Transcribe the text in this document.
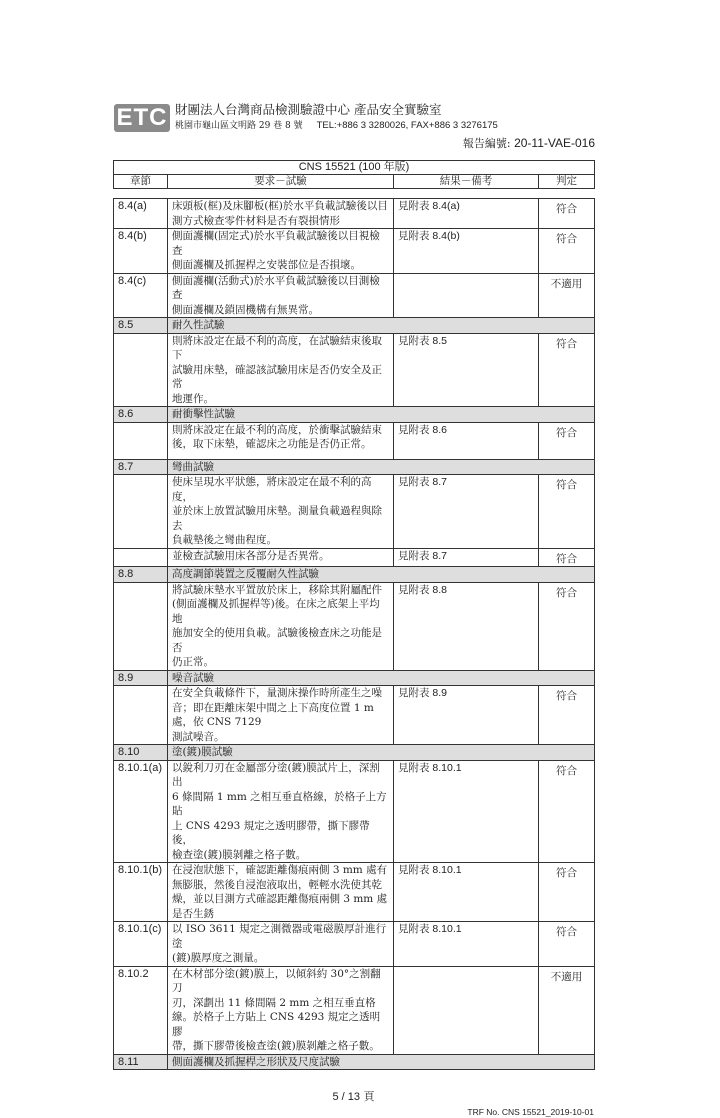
ETC 財團法人台灣商品檢測驗證中心 產品安全實驗室
桃園市龜山區文明路 29 巷 8 號 TEL:+886 3 3280026, FAX+886 3 3276175
報告編號: 20-11-VAE-016
CNS 15521 (100 年版)
章節	要求－試驗	結果－備考	判定
8.4(a)	床頭板(框)及床腳板(框)於水平負載試驗後以目
測方式檢查零件材料是否有裂損情形	見附表 8.4(a)	符合
8.4(b)	側面護欄(固定式)於水平負載試驗後以目視檢查
側面護欄及抓握桿之安裝部位是否損壞。	見附表 8.4(b)	符合
8.4(c)	側面護欄(活動式)於水平負載試驗後以目測檢查
側面護欄及鎖固機構有無異常。		不適用
8.5	耐久性試驗		
	則將床設定在最不利的高度，在試驗結束後取下
試驗用床墊，確認該試驗用床是否仍安全及正常
地運作。	見附表 8.5	符合
8.6	耐衝擊性試驗		
	則將床設定在最不利的高度，於衝擊試驗結束
後，取下床墊，確認床之功能是否仍正常。	見附表 8.6	符合
8.7	彎曲試驗		
	使床呈現水平狀態，將床設定在最不利的高度，
並於床上放置試驗用床墊。測量負載過程與除去
負載墊後之彎曲程度。	見附表 8.7	符合
	並檢查試驗用床各部分是否異常。	見附表 8.7	符合
8.8	高度調節裝置之反覆耐久性試驗		
	將試驗床墊水平置放於床上，移除其附屬配件
(側面護欄及抓握桿等)後。在床之底架上平均地
施加安全的使用負載。試驗後檢查床之功能是否
仍正常。	見附表 8.8	符合
8.9	噪音試驗		
	在安全負載條件下，量測床操作時所產生之噪
音；即在距離床架中間之上下高度位置 1 m
處，依 CNS 7129
測試噪音。	見附表 8.9	符合
8.10	塗(鍍)膜試驗		
8.10.1(a)	以銳利刀刃在金屬部分塗(鍍)膜試片上，深割出
6 條間隔 1 mm 之相互垂直格線，於格子上方貼
上 CNS 4293 規定之透明膠帶，撕下膠帶後，
檢查塗(鍍)膜剝離之格子數。	見附表 8.10.1	符合
8.10.1(b)	在浸泡狀態下，確認距離傷痕兩側 3 mm 處有
無膨脹，然後自浸泡液取出，輕輕水洗使其乾
燥，並以目測方式確認距離傷痕兩側 3 mm 處
是否生銹	見附表 8.10.1	符合
8.10.1(c)	以 ISO 3611 規定之測微器或電磁膜厚計進行塗
(鍍)膜厚度之測量。	見附表 8.10.1	符合
8.10.2	在木材部分塗(鍍)膜上，以傾斜約 30°之割翻刀
刃，深劃出 11 條間隔 2 mm 之相互垂直格
線。於格子上方貼上 CNS 4293 規定之透明膠
帶，撕下膠帶後檢查塗(鍍)膜剝離之格子數。		不適用
8.11	側面護欄及抓握桿之形狀及尺度試驗		
5 / 13 頁
TRF No. CNS 15521_2019-10-01
